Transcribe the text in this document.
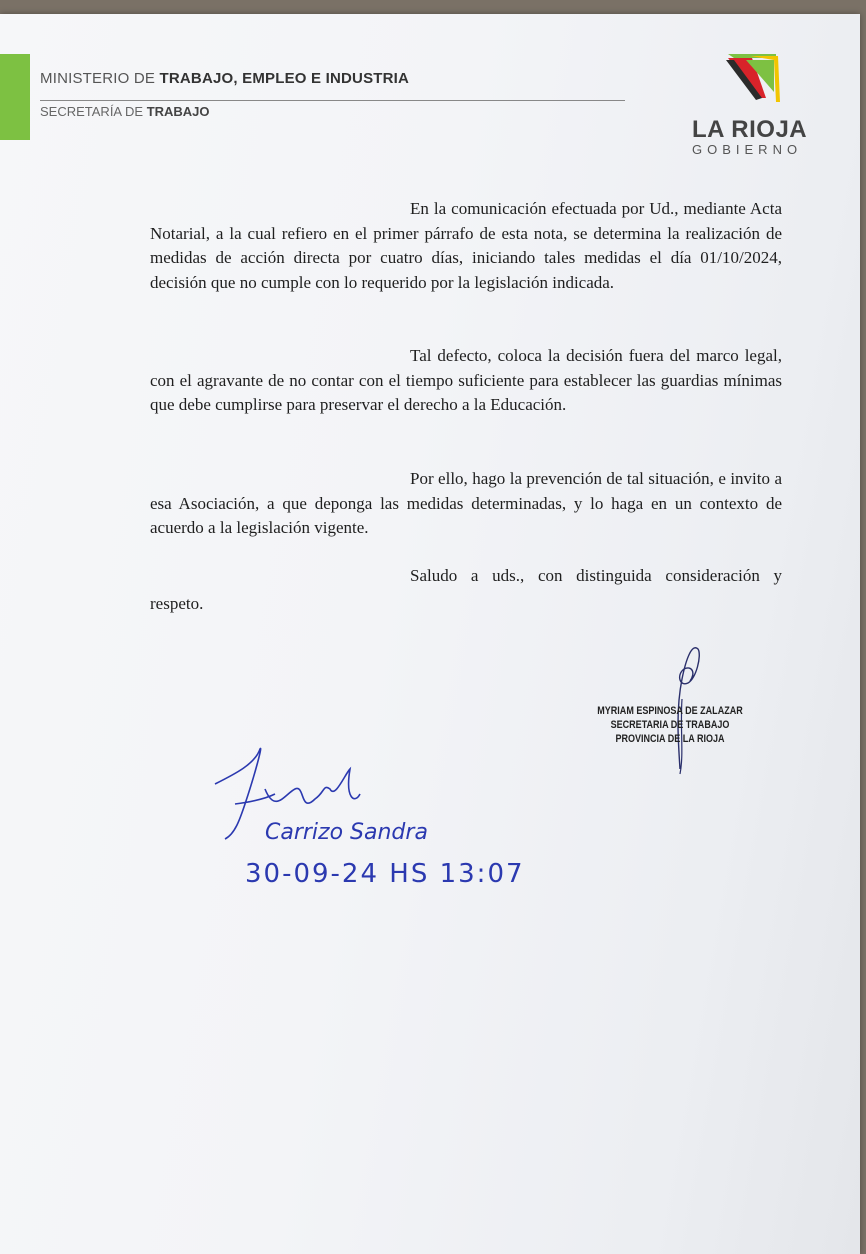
MINISTERIO DE TRABAJO, EMPLEO E INDUSTRIA
SECRETARÍA DE TRABAJO
LA RIOJA
GOBIERNO
En la comunicación efectuada por Ud., mediante Acta Notarial, a la cual refiero en el primer párrafo de esta nota, se determina la realización de medidas de acción directa por cuatro días, iniciando tales medidas el día 01/10/2024, decisión que no cumple con lo requerido por la legislación indicada.
Tal defecto, coloca la decisión fuera del marco legal, con el agravante de no contar con el tiempo suficiente para establecer las guardias mínimas que debe cumplirse para preservar el derecho a la Educación.
Por ello, hago la prevención de tal situación, e invito a esa Asociación, a que deponga las medidas determinadas, y lo haga en un contexto de acuerdo a la legislación vigente.
Saludo a uds., con distinguida consideración y respeto.
MYRIAM ESPINOSA DE ZALAZAR
SECRETARIA DE TRABAJO
PROVINCIA DE LA RIOJA
Carrizo Sandra
30-09-24 HS 13:07
